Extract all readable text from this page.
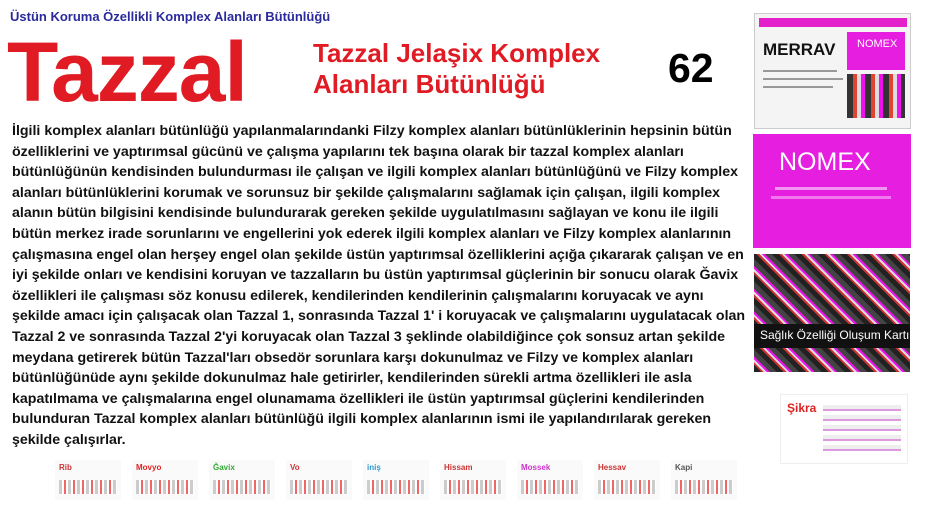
Üstün Koruma Özellikli Komplex Alanları Bütünlüğü
Tazzal	Tazzal Jelaşix Komplex Alanları Bütünlüğü	62
İlgili komplex alanları bütünlüğü yapılanmalarındanki Filzy komplex alanları bütünlüklerinin hepsinin bütün özelliklerini ve yaptırımsal gücünü ve çalışma yapılarını tek başına olarak bir tazzal komplex alanları bütünlüğünün kendisinden bulundurması ile çalışan ve ilgili komplex alanları bütünlüğünü ve Filzy komplex alanları bütünlüklerini korumak ve sorunsuz bir şekilde çalışmalarını sağlamak için çalışan, ilgili komplex alanın bütün bilgisini kendisinde bulundurarak gereken şekilde uygulatılmasını sağlayan ve konu ile ilgili bütün merkez irade sorunlarını ve engellerini yok ederek ilgili komplex alanları ve Filzy komplex alanlarının çalışmasına engel olan herşey engel olan şekilde üstün yaptırımsal özelliklerini açığa çıkararak çalışan ve en iyi şekilde onları ve kendisini koruyan ve tazzalların bu üstün yaptırımsal güçlerinin bir sonucu olarak Ğavix özellikleri ile çalışması söz konusu edilerek, kendilerinden kendilerinin çalışmalarını koruyacak ve aynı şekilde amacı için çalışacak olan Tazzal 1, sonrasında Tazzal 1' i koruyacak ve çalışmalarını uygulatacak olan Tazzal 2 ve sonrasında Tazzal 2'yi koruyacak olan Tazzal 3 şeklinde olabildiğince çok sonsuz artan şekilde meydana getirerek bütün Tazzal'ları obsedör sorunlara karşı dokunulmaz ve Filzy ve komplex alanları bütünlüğünüde aynı şekilde dokunulmaz hale getirirler, kendilerinden sürekli artma özellikleri ile asla kapatılmama ve çalışmalarına engel olunamama özellikleri ile üstün yaptırımsal güçlerini kendilerinden bulunduran Tazzal komplex alanları bütünlüğü ilgili komplex alanlarının ismi ile yapılandırılarak gereken şekilde çalışırlar.
MERRAV NOMEX
NOMEX
Sağlık Özelliği Oluşum Kartı
Şikra
Rib	Movyo	Ğavix	Vo	iniş	Hissam	Mossek	Hessav	Kapi
